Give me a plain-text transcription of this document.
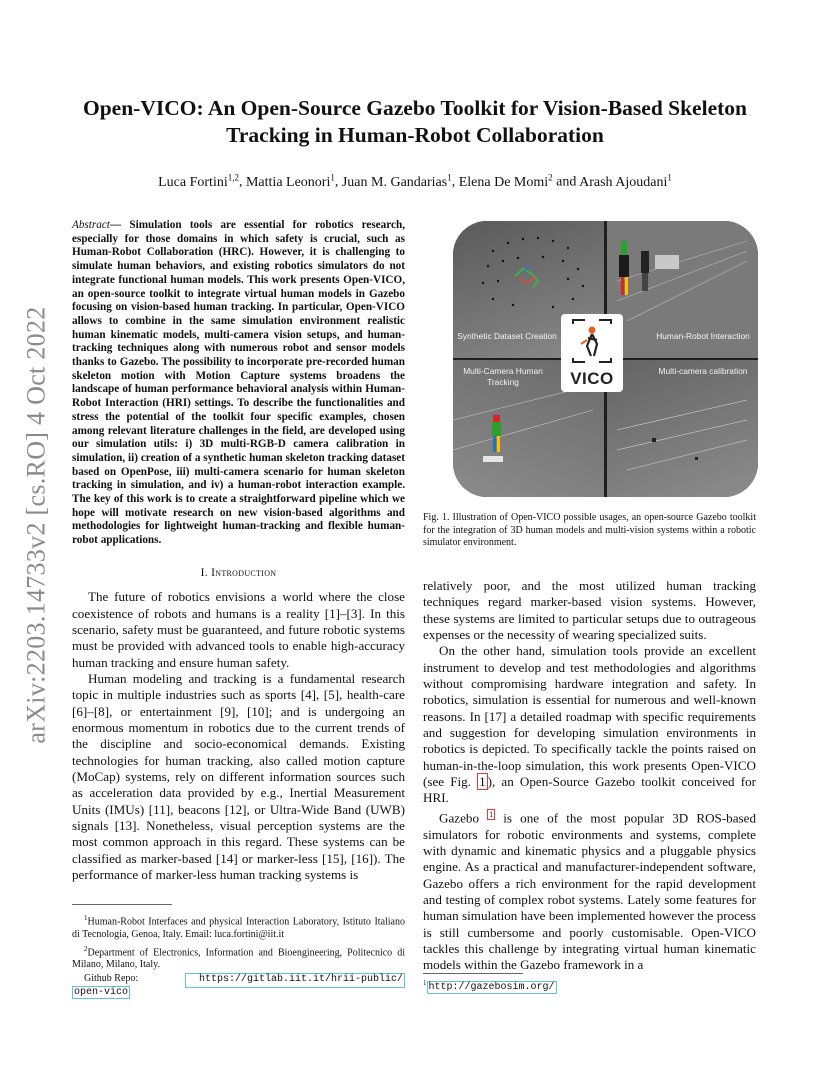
arXiv:2203.14733v2 [cs.RO] 4 Oct 2022
Open-VICO: An Open-Source Gazebo Toolkit for Vision-Based Skeleton
Tracking in Human-Robot Collaboration
Luca Fortini$^{1,2}$, Mattia Leonori$^1$, Juan M. Gandarias$^1$, Elena De Momi$^2$ and Arash Ajoudani$^1$

Abstract— Simulation tools are essential for robotics research, especially for those domains in which safety is crucial, such as Human-Robot Collaboration (HRC). However, it is challenging to simulate human behaviors, and existing robotics simulators do not integrate functional human models. This work presents Open-VICO, an open-source toolkit to integrate virtual human models in Gazebo focusing on vision-based human tracking. In particular, Open-VICO allows to combine in the same simulation environment realistic human kinematic models, multi-camera vision setups, and human-tracking techniques along with numerous robot and sensor models thanks to Gazebo. The possibility to incorporate pre-recorded human skeleton motion with Motion Capture systems broadens the landscape of human performance behavioral analysis within Human-Robot Interaction (HRI) settings. To describe the functionalities and stress the potential of the toolkit four specific examples, chosen among relevant literature challenges in the field, are developed using our simulation utils: i) 3D multi-RGB-D camera calibration in simulation, ii) creation of a synthetic human skeleton tracking dataset based on OpenPose, iii) multi-camera scenario for human skeleton tracking in simulation, and iv) a human-robot interaction example. The key of this work is to create a straightforward pipeline which we hope will motivate research on new vision-based algorithms and methodologies for lightweight human-tracking and flexible human-robot applications.

I. Introduction

The future of robotics envisions a world where the close coexistence of robots and humans is a reality [1]–[3]. In this scenario, safety must be guaranteed, and future robotic systems must be provided with advanced tools to enable high-accuracy human tracking and ensure human safety.

Human modeling and tracking is a fundamental research topic in multiple industries such as sports [4], [5], health-care [6]–[8], or entertainment [9], [10]; and is undergoing an enormous momentum in robotics due to the current trends of the discipline and socio-economical demands. Existing technologies for human tracking, also called motion capture (MoCap) systems, rely on different information sources such as acceleration data provided by e.g., Inertial Measurement Units (IMUs) [11], beacons [12], or Ultra-Wide Band (UWB) signals [13]. Nonetheless, visual perception systems are the most common approach in this regard. These systems can be classified as marker-based [14] or marker-less [15], [16]). The performance of marker-less human tracking systems is

Synthetic Dataset Creation	Human-Robot Interaction
Multi-Camera Human Tracking
Multi-camera calibration
VICO
Fig. 1. Illustration of Open-VICO possible usages, an open-source Gazebo toolkit for the integration of 3D human models and multi-vision systems within a robotic simulator environment.

relatively poor, and the most utilized human tracking techniques regard marker-based vision systems. However, these systems are limited to particular setups due to outrageous expenses or the necessity of wearing specialized suits.

On the other hand, simulation tools provide an excellent instrument to develop and test methodologies and algorithms without compromising hardware integration and safety. In robotics, simulation is essential for numerous and well-known reasons. In [17] a detailed roadmap with specific requirements and suggestion for developing simulation environments in robotics is depicted. To specifically tackle the points raised on human-in-the-loop simulation, this work presents Open-VICO (see Fig. 1 ), an Open-Source Gazebo toolkit conceived for HRI.

Gazebo $^1$ is one of the most popular 3D ROS-based simulators for robotic environments and systems, complete with dynamic and kinematic physics and a pluggable physics engine. As a practical and manufacturer-independent software, Gazebo offers a rich environment for the rapid development and testing of complex robot systems. Lately some features for human simulation have been implemented however the process is still cumbersome and poorly customisable. Open-VICO tackles this challenge by integrating virtual human kinematic models within the Gazebo framework in a

$^1$Human-Robot Interfaces and physical Interaction Laboratory, Istituto Italiano di Tecnologia, Genoa, Italy. Email: luca.fortini@iit.it

$^2$Department of Electronics, Information and Bioengineering, Politecnico di Milano, Milano, Italy.

Github Repo:	https://gitlab.iit.it/hrii-public/
open-vico
$^1$ http://gazebosim.org/
